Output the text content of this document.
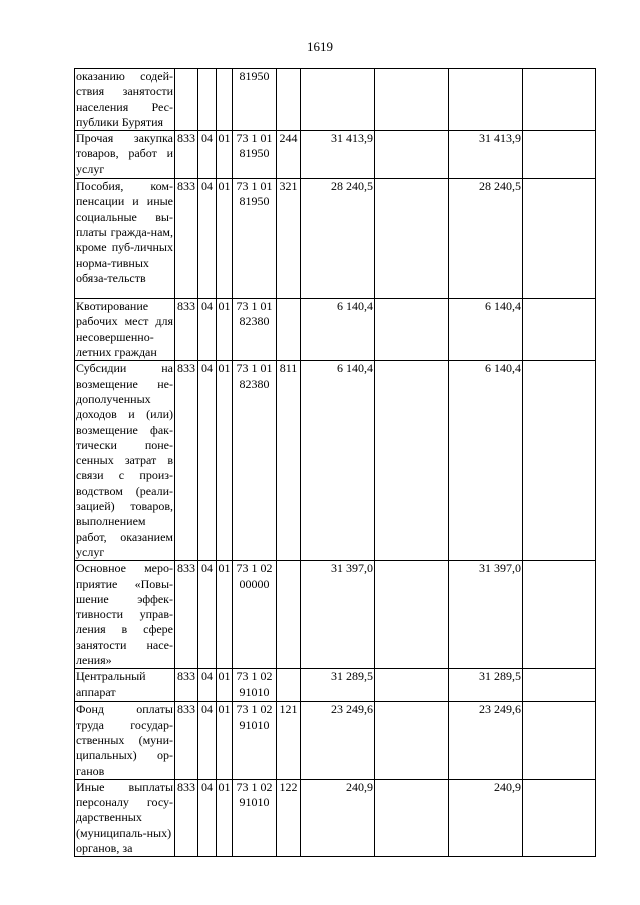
1619
оказанию содей-ствия занятости населения Рес-публики Бурятия				81950					
Прочая закупка товаров, работ и услуг	833	04	01	73 1 01 81950	244	31 413,9		31 413,9	
Пособия, ком-пенсации и иные социальные вы-платы гражда-нам, кроме пуб-личных норма-тивных обяза-тельств	833	04	01	73 1 01 81950	321	28 240,5		28 240,5	
Квотирование рабочих мест для несовершенно-летних граждан	833	04	01	73 1 01 82380		6 140,4		6 140,4	
Субсидии на возмещение не-дополученных доходов и (или) возмещение фак-тически поне-сенных затрат в связи с произ-водством (реали-зацией) товаров, выполнением работ, оказанием услуг	833	04	01	73 1 01 82380	811	6 140,4		6 140,4	
Основное меро-приятие «Повы-шение эффек-тивности управ-ления в сфере занятости насе-ления»	833	04	01	73 1 02 00000		31 397,0		31 397,0	
Центральный аппарат	833	04	01	73 1 02 91010		31 289,5		31 289,5	
Фонд оплаты труда государ-ственных (муни-ципальных) ор-ганов	833	04	01	73 1 02 91010	121	23 249,6		23 249,6	
Иные выплаты персоналу госу-дарственных (муниципаль-ных) органов, за	833	04	01	73 1 02 91010	122	240,9		240,9	
